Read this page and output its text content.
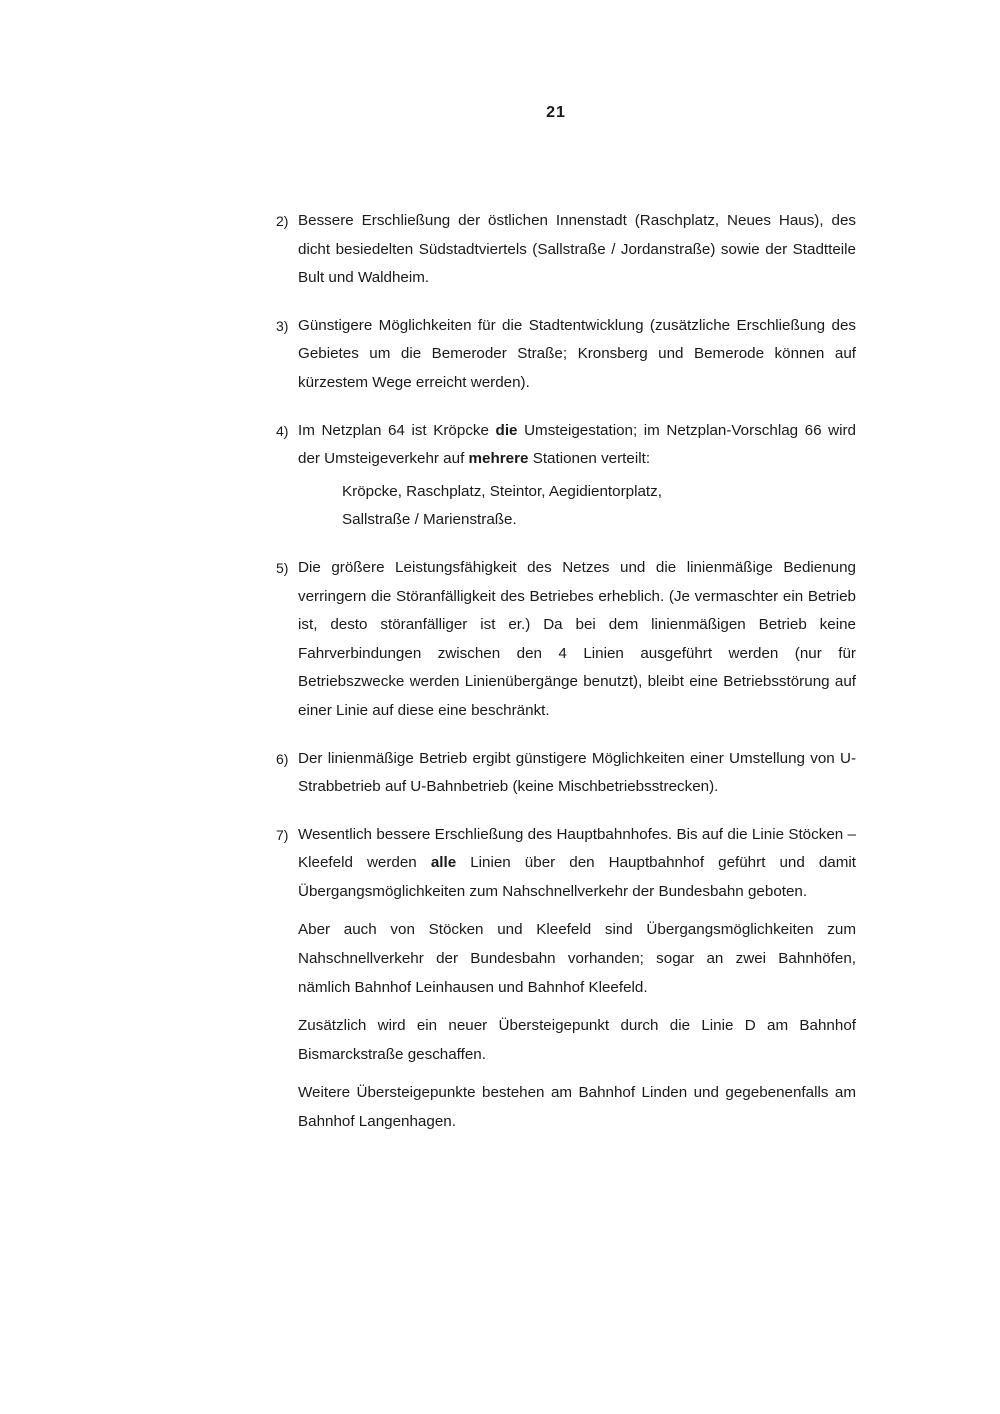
21
2) Bessere Erschließung der östlichen Innenstadt (Raschplatz, Neues Haus), des dicht besiedelten Südstadtviertels (Sallstraße / Jordanstraße) sowie der Stadtteile Bult und Waldheim.

3) Günstigere Möglichkeiten für die Stadtentwicklung (zusätzliche Erschließung des Gebietes um die Bemeroder Straße; Kronsberg und Bemerode können auf kürzestem Wege erreicht werden).

4) Im Netzplan 64 ist Kröpcke die Umsteigestation; im Netzplan-Vorschlag 66 wird der Umsteigeverkehr auf mehrere Stationen verteilt:

Kröpcke, Raschplatz, Steintor, Aegidientorplatz,
Sallstraße / Marienstraße.
5) Die größere Leistungsfähigkeit des Netzes und die linienmäßige Bedienung verringern die Störanfälligkeit des Betriebes erheblich. (Je vermaschter ein Betrieb ist, desto störanfälliger ist er.) Da bei dem linienmäßigen Betrieb keine Fahrverbindungen zwischen den 4 Linien ausgeführt werden (nur für Betriebszwecke werden Linienübergänge benutzt), bleibt eine Betriebsstörung auf einer Linie auf diese eine beschränkt.

6) Der linienmäßige Betrieb ergibt günstigere Möglichkeiten einer Umstellung von U-Strabbetrieb auf U-Bahnbetrieb (keine Mischbetriebsstrecken).

7) Wesentlich bessere Erschließung des Hauptbahnhofes. Bis auf die Linie Stöcken – Kleefeld werden alle Linien über den Hauptbahnhof geführt und damit Übergangsmöglichkeiten zum Nahschnellverkehr der Bundesbahn geboten.

Aber auch von Stöcken und Kleefeld sind Übergangsmöglichkeiten zum Nahschnellverkehr der Bundesbahn vorhanden; sogar an zwei Bahnhöfen, nämlich Bahnhof Leinhausen und Bahnhof Kleefeld.

Zusätzlich wird ein neuer Übersteigepunkt durch die Linie D am Bahnhof Bismarckstraße geschaffen.

Weitere Übersteigepunkte bestehen am Bahnhof Linden und gegebenenfalls am Bahnhof Langenhagen.
